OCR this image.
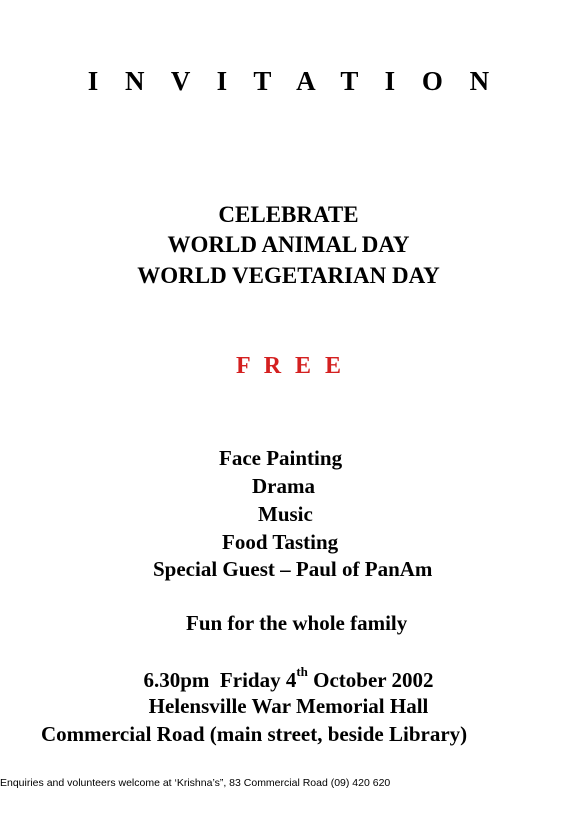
I N V I T A T I O N
CELEBRATE
WORLD ANIMAL DAY
WORLD VEGETARIAN DAY
F R E E
Face Painting
Drama
Music
Food Tasting
Special Guest – Paul of PanAm
Fun for the whole family
6.30pm Friday 4th October 2002
Helensville War Memorial Hall
Commercial Road (main street, beside Library)
Enquiries and volunteers welcome at ‘Krishna’s”, 83 Commercial Road (09) 420 620
